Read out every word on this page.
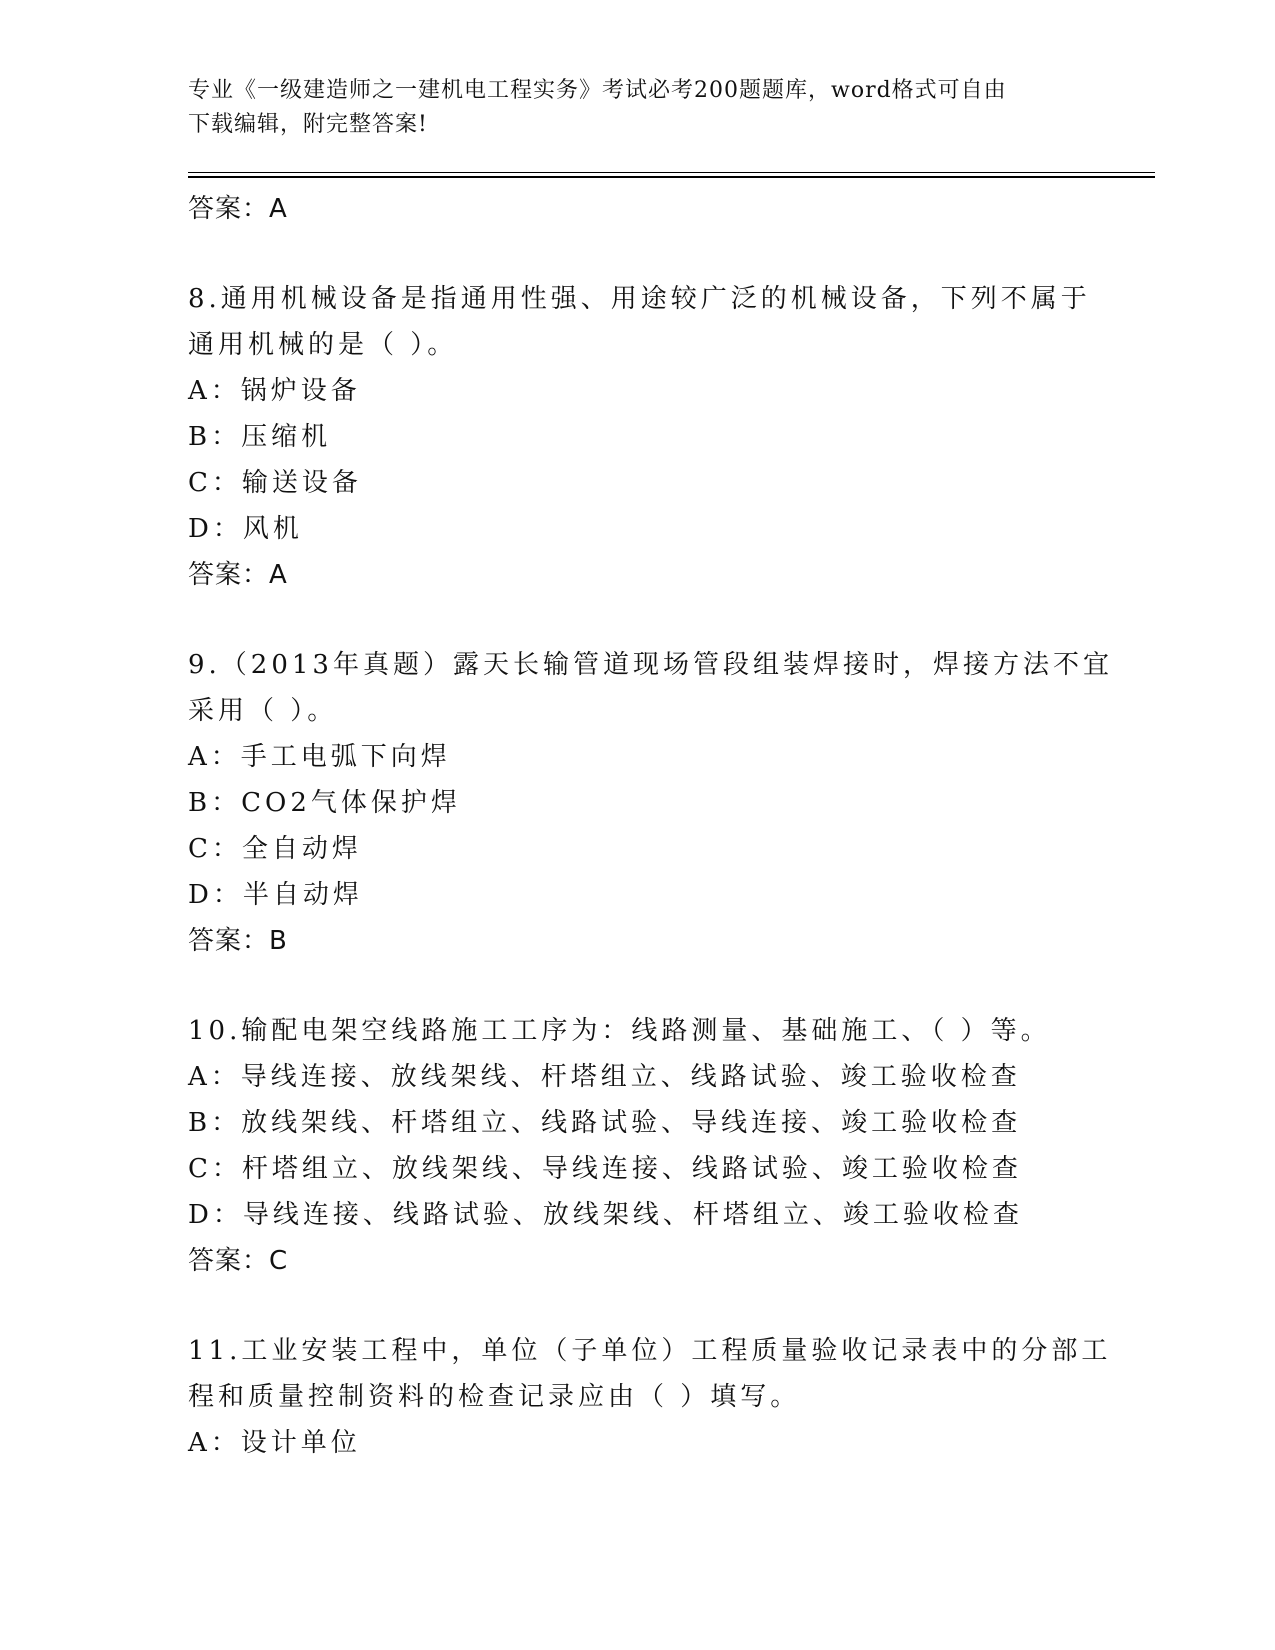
专业《一级建造师之一建机电工程实务》考试必考200题题库，word格式可自由
下载编辑，附完整答案!
答案：A
8.通用机械设备是指通用性强、用途较广泛的机械设备，下列不属于
通用机械的是（ ）。
A：锅炉设备
B：压缩机
C：输送设备
D：风机
答案：A
9.（2013年真题）露天长输管道现场管段组装焊接时，焊接方法不宜
采用（ ）。
A：手工电弧下向焊
B：CO2气体保护焊
C：全自动焊
D：半自动焊
答案：B
10.输配电架空线路施工工序为：线路测量、基础施工、（ ）等。
A：导线连接、放线架线、杆塔组立、线路试验、竣工验收检查
B：放线架线、杆塔组立、线路试验、导线连接、竣工验收检查
C：杆塔组立、放线架线、导线连接、线路试验、竣工验收检查
D：导线连接、线路试验、放线架线、杆塔组立、竣工验收检查
答案：C
11.工业安装工程中，单位（子单位）工程质量验收记录表中的分部工
程和质量控制资料的检查记录应由（ ）填写。
A：设计单位
